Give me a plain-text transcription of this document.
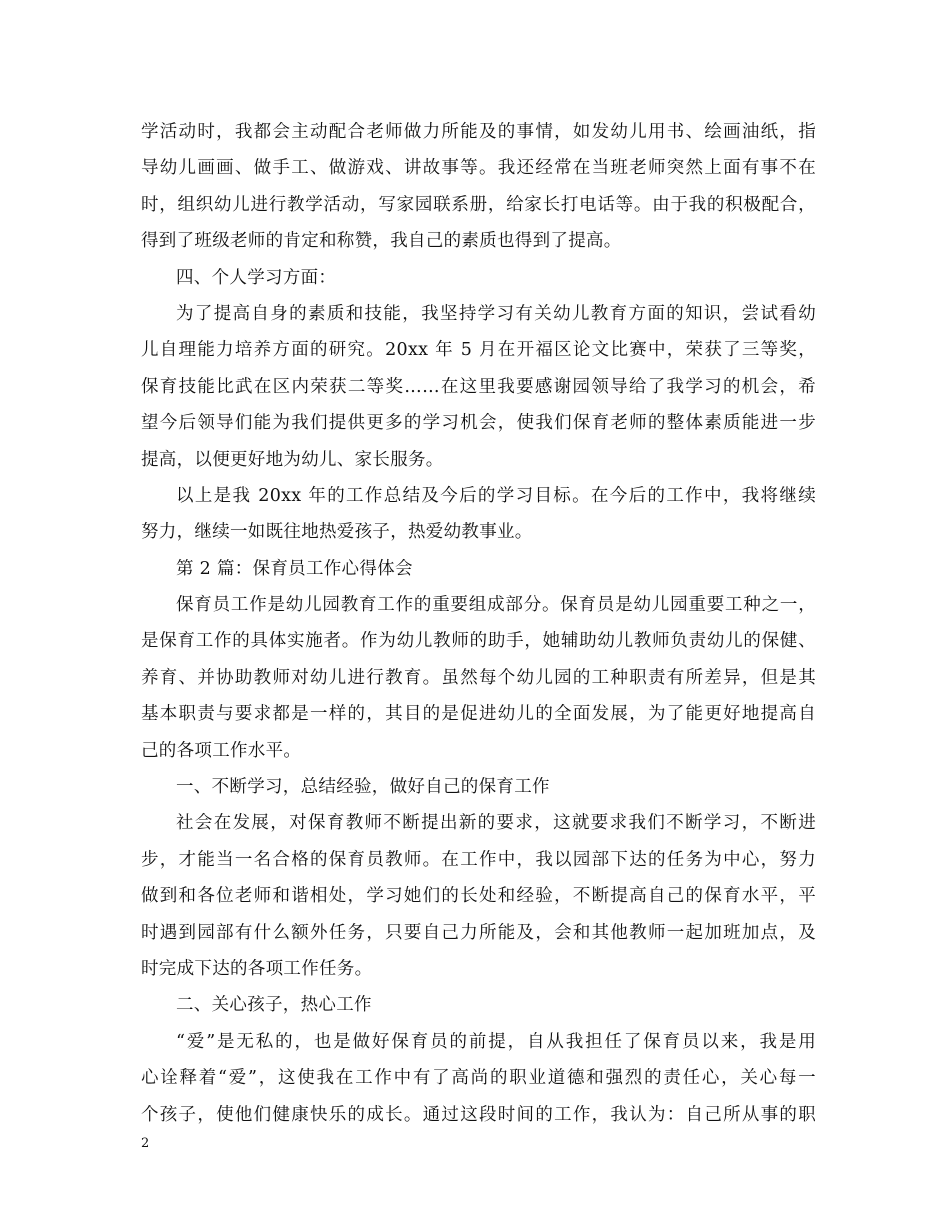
学活动时，我都会主动配合老师做力所能及的事情，如发幼儿用书、绘画油纸，指
导幼儿画画、做手工、做游戏、讲故事等。我还经常在当班老师突然上面有事不在
时，组织幼儿进行教学活动，写家园联系册，给家长打电话等。由于我的积极配合，
得到了班级老师的肯定和称赞，我自己的素质也得到了提高。
四、个人学习方面：
为了提高自身的素质和技能，我坚持学习有关幼儿教育方面的知识，尝试看幼
儿自理能力培养方面的研究。20xx 年 5 月在开福区论文比赛中，荣获了三等奖，
保育技能比武在区内荣获二等奖……在这里我要感谢园领导给了我学习的机会，希
望今后领导们能为我们提供更多的学习机会，使我们保育老师的整体素质能进一步
提高，以便更好地为幼儿、家长服务。
以上是我 20xx 年的工作总结及今后的学习目标。在今后的工作中，我将继续
努力，继续一如既往地热爱孩子，热爱幼教事业。
第 2 篇：保育员工作心得体会
保育员工作是幼儿园教育工作的重要组成部分。保育员是幼儿园重要工种之一，
是保育工作的具体实施者。作为幼儿教师的助手，她辅助幼儿教师负责幼儿的保健、
养育、并协助教师对幼儿进行教育。虽然每个幼儿园的工种职责有所差异，但是其
基本职责与要求都是一样的，其目的是促进幼儿的全面发展，为了能更好地提高自
己的各项工作水平。
一、不断学习，总结经验，做好自己的保育工作
社会在发展，对保育教师不断提出新的要求，这就要求我们不断学习，不断进
步，才能当一名合格的保育员教师。在工作中，我以园部下达的任务为中心，努力
做到和各位老师和谐相处，学习她们的长处和经验，不断提高自己的保育水平，平
时遇到园部有什么额外任务，只要自己力所能及，会和其他教师一起加班加点，及
时完成下达的各项工作任务。
二、关心孩子，热心工作
“爱”是无私的，也是做好保育员的前提，自从我担任了保育员以来，我是用
心诠释着“爱”，这使我在工作中有了高尚的职业道德和强烈的责任心，关心每一
个孩子，使他们健康快乐的成长。通过这段时间的工作，我认为：自己所从事的职
2
